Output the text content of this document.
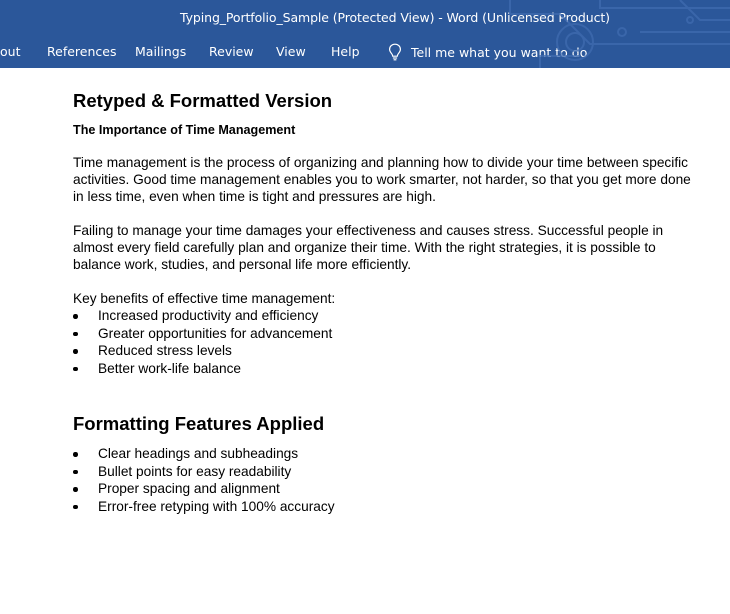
Typing_Portfolio_Sample (Protected View) - Word (Unlicensed Product)
out References Mailings Review View Help	Tell me what you want to do
Retyped & Formatted Version
The Importance of Time Management
Time management is the process of organizing and planning how to divide your time between specific activities. Good time management enables you to work smarter, not harder, so that you get more done in less time, even when time is tight and pressures are high.
Failing to manage your time damages your effectiveness and causes stress. Successful people in almost every field carefully plan and organize their time. With the right strategies, it is possible to balance work, studies, and personal life more efficiently.
Key benefits of effective time management:
Increased productivity and efficiency
Greater opportunities for advancement
Reduced stress levels
Better work-life balance
Formatting Features Applied
Clear headings and subheadings
Bullet points for easy readability
Proper spacing and alignment
Error-free retyping with 100% accuracy
